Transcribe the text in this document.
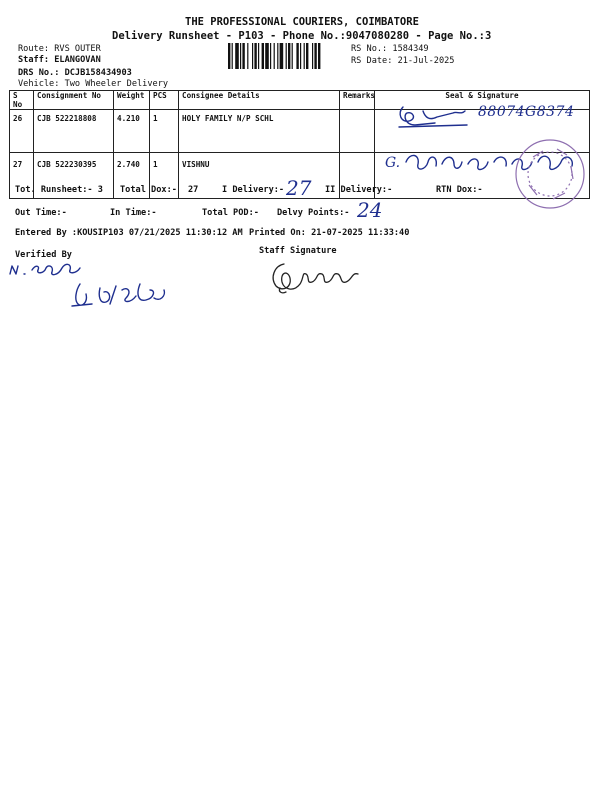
THE PROFESSIONAL COURIERS, COIMBATORE
Delivery Runsheet - P103 - Phone No.:9047080280 - Page No.:3
Route: RVS OUTER
Staff: ELANGOVAN
DRS No.: DCJB158434903
Vehicle: Two Wheeler Delivery
RS No.: 1584349
RS Date: 21-Jul-2025
S No	Consignment No	Weight	PCS	Consignee Details	Remarks	Seal & Signature
26	CJB 522218808	4.210	1	HOLY FAMILY N/P SCHL		
27	CJB 522230395	2.740	1	VISHNU		
88074G8374
G.
Tot. Runsheet:- 3 Total Dox:- 27	I Delivery:- 27 II Delivery:-	RTN Dox:-
Out Time:-	In Time:-	Total POD:- Delvy Points:- 24
Entered By :KOUSIP103 07/21/2025 11:30:12 AM Printed On: 21-07-2025 11:33:40
Verified By	Staff Signature
